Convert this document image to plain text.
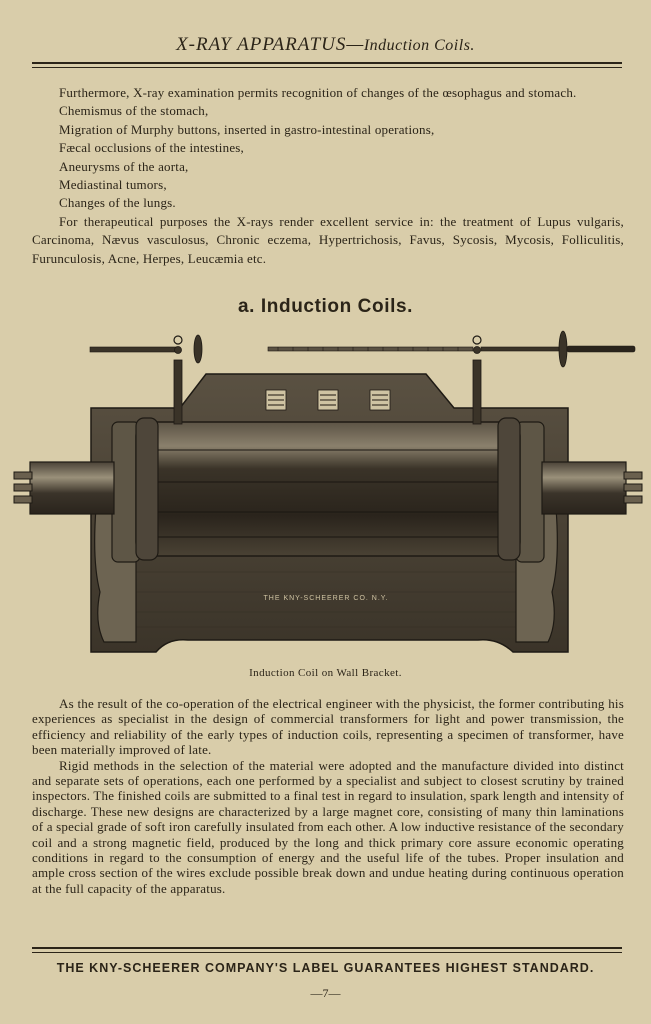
X-RAY APPARATUS—Induction Coils.

Furthermore, X-ray examination permits recognition of changes of the œsophagus and stomach.

Chemismus of the stomach,

Migration of Murphy buttons, inserted in gastro-intestinal operations,

Fæcal occlusions of the intestines,

Aneurysms of the aorta,

Mediastinal tumors,

Changes of the lungs.

For therapeutical purposes the X-rays render excellent service in: the treatment of Lupus vulgaris, Carcinoma, Nævus vasculosus, Chronic eczema, Hypertrichosis, Favus, Sycosis, Mycosis, Folliculitis, Furunculosis, Acne, Herpes, Leucæmia etc.

a. Induction Coils.
THE KNY-SCHEERER CO. N.Y.
Induction Coil on Wall Bracket.

As the result of the co-operation of the electrical engineer with the physicist, the former contributing his experiences as specialist in the design of commercial transformers for light and power transmission, the efficiency and reliability of the early types of induction coils, representing a specimen of transformer, have been materially improved of late.

Rigid methods in the selection of the material were adopted and the manufacture divided into distinct and separate sets of operations, each one performed by a specialist and subject to closest scrutiny by trained inspectors. The finished coils are submitted to a final test in regard to insulation, spark length and intensity of discharge. These new designs are characterized by a large magnet core, consisting of many thin laminations of a special grade of soft iron carefully insulated from each other. A low inductive resistance of the secondary coil and a strong magnetic field, produced by the long and thick primary core assure economic operating conditions in regard to the consumption of energy and the useful life of the tubes. Proper insulation and ample cross section of the wires exclude possible break down and undue heating during continuous operation at the full capacity of the apparatus.

THE KNY-SCHEERER COMPANY'S LABEL GUARANTEES HIGHEST STANDARD.
—7—
